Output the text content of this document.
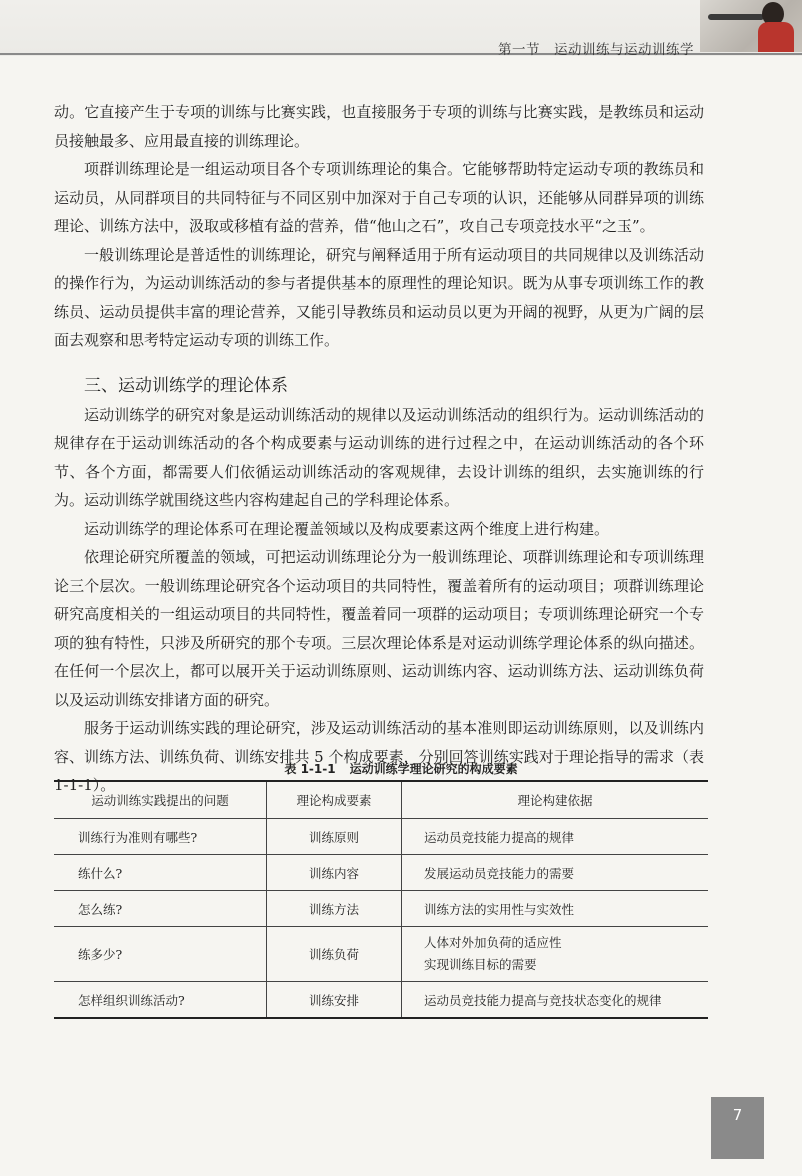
第一节 运动训练与运动训练学

动。它直接产生于专项的训练与比赛实践，也直接服务于专项的训练与比赛实践，是教练员和运动员接触最多、应用最直接的训练理论。

项群训练理论是一组运动项目各个专项训练理论的集合。它能够帮助特定运动专项的教练员和运动员，从同群项目的共同特征与不同区别中加深对于自己专项的认识，还能够从同群异项的训练理论、训练方法中，汲取或移植有益的营养，借“他山之石”，攻自己专项竞技水平“之玉”。

一般训练理论是普适性的训练理论，研究与阐释适用于所有运动项目的共同规律以及训练活动的操作行为，为运动训练活动的参与者提供基本的原理性的理论知识。既为从事专项训练工作的教练员、运动员提供丰富的理论营养，又能引导教练员和运动员以更为开阔的视野，从更为广阔的层面去观察和思考特定运动专项的训练工作。

三、运动训练学的理论体系

运动训练学的研究对象是运动训练活动的规律以及运动训练活动的组织行为。运动训练活动的规律存在于运动训练活动的各个构成要素与运动训练的进行过程之中，在运动训练活动的各个环节、各个方面，都需要人们依循运动训练活动的客观规律，去设计训练的组织，去实施训练的行为。运动训练学就围绕这些内容构建起自己的学科理论体系。

运动训练学的理论体系可在理论覆盖领域以及构成要素这两个维度上进行构建。

依理论研究所覆盖的领域，可把运动训练理论分为一般训练理论、项群训练理论和专项训练理论三个层次。一般训练理论研究各个运动项目的共同特性，覆盖着所有的运动项目；项群训练理论研究高度相关的一组运动项目的共同特性，覆盖着同一项群的运动项目；专项训练理论研究一个专项的独有特性，只涉及所研究的那个专项。三层次理论体系是对运动训练学理论体系的纵向描述。在任何一个层次上，都可以展开关于运动训练原则、运动训练内容、运动训练方法、运动训练负荷以及运动训练安排诸方面的研究。

服务于运动训练实践的理论研究，涉及运动训练活动的基本准则即运动训练原则，以及训练内容、训练方法、训练负荷、训练安排共 5 个构成要素，分别回答训练实践对于理论指导的需求（表 1-1-1）。

表 1-1-1 运动训练学理论研究的构成要素
运动训练实践提出的问题	理论构成要素	理论构建依据
训练行为准则有哪些?	训练原则	运动员竞技能力提高的规律
练什么?	训练内容	发展运动员竞技能力的需要
怎么练?	训练方法	训练方法的实用性与实效性
练多少?	训练负荷	人体对外加负荷的适应性
实现训练目标的需要

怎样组织训练活动?	训练安排	运动员竞技能力提高与竞技状态变化的规律
7
